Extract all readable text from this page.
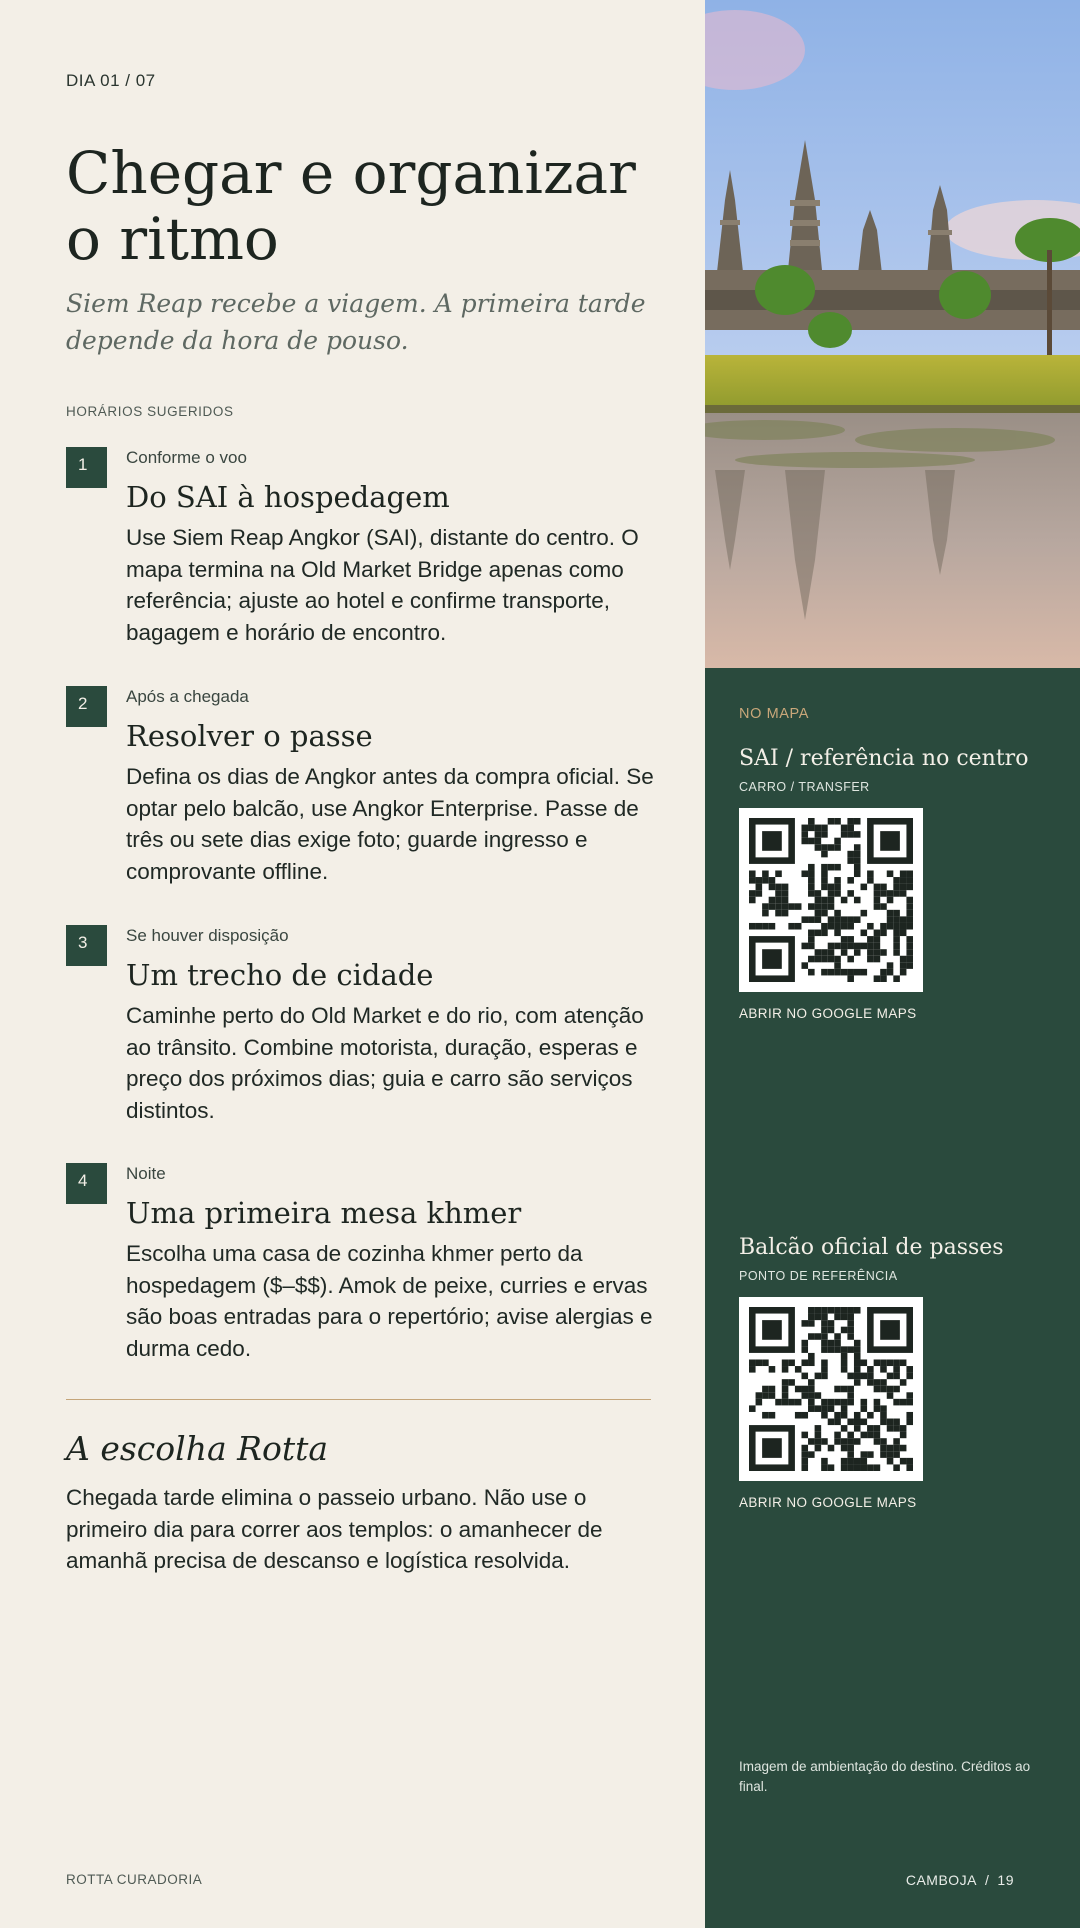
DIA 01 / 07
Chegar e organizar o ritmo

Siem Reap recebe a viagem. A primeira tarde depende da hora de pouso.

HORÁRIOS SUGERIDOS
1	Conforme o voo
Do SAI à hospedagem
Use Siem Reap Angkor (SAI), distante do centro. O mapa termina na Old Market Bridge apenas como referência; ajuste ao hotel e confirme transporte, bagagem e horário de encontro.
2	Após a chegada
Resolver o passe
Defina os dias de Angkor antes da compra oficial. Se optar pelo balcão, use Angkor Enterprise. Passe de três ou sete dias exige foto; guarde ingresso e comprovante offline.
3	Se houver disposição
Um trecho de cidade
Caminhe perto do Old Market e do rio, com atenção ao trânsito. Combine motorista, duração, esperas e preço dos próximos dias; guia e carro são serviços distintos.
4	Noite
Uma primeira mesa khmer
Escolha uma casa de cozinha khmer perto da hospedagem ($–$$). Amok de peixe, curries e ervas são boas entradas para o repertório; avise alergias e durma cedo.
A escolha Rotta

Chegada tarde elimina o passeio urbano. Não use o primeiro dia para correr aos templos: o amanhecer de amanhã precisa de descanso e logística resolvida.

ROTTA CURADORIA
NO MAPA
SAI / referência no centro
CARRO / TRANSFER
ABRIR NO GOOGLE MAPS
Balcão oficial de passes
PONTO DE REFERÊNCIA
ABRIR NO GOOGLE MAPS
Imagem de ambientação do destino. Créditos ao final.
CAMBOJA / 19
